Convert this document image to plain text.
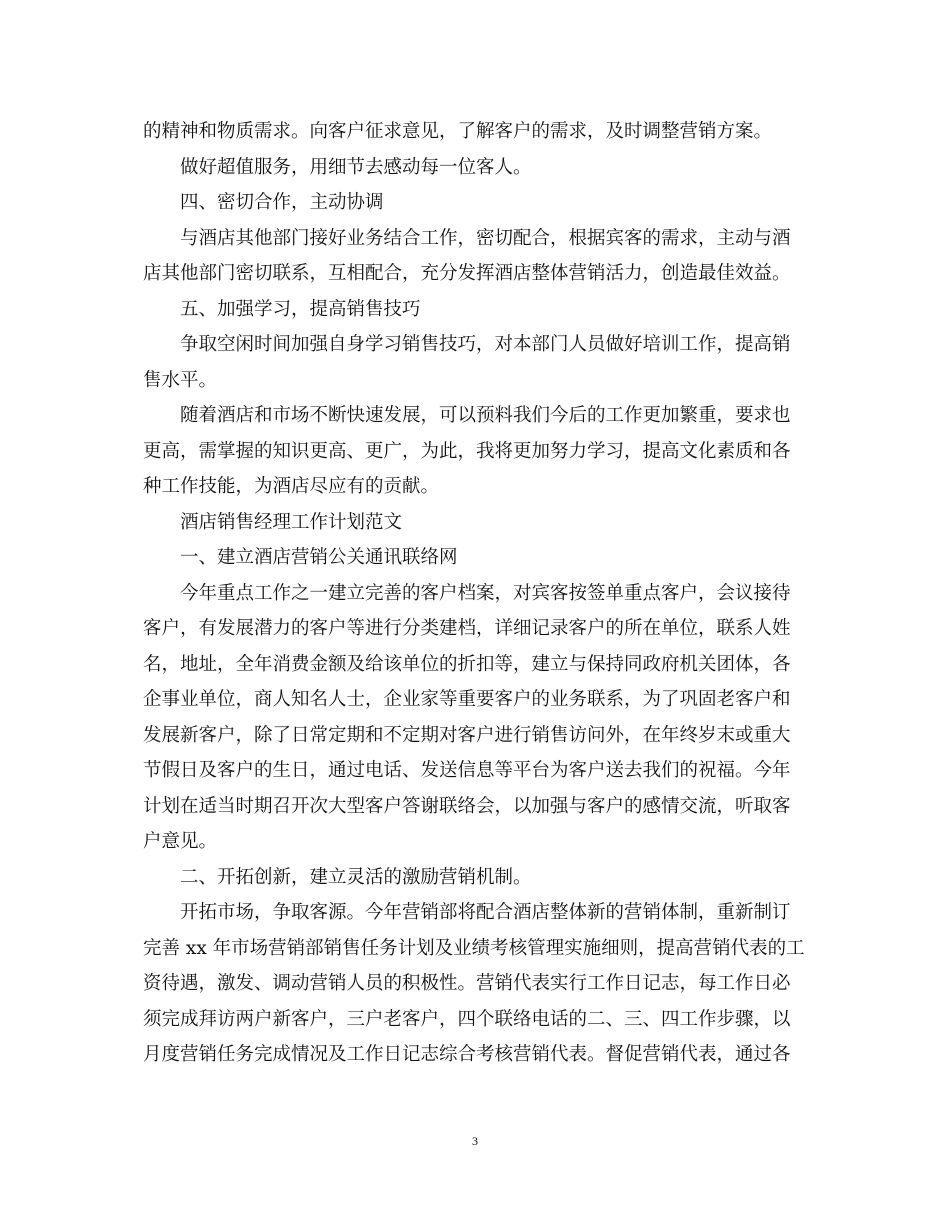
的精神和物质需求。向客户征求意见，了解客户的需求，及时调整营销方案。
做好超值服务，用细节去感动每一位客人。
四、密切合作，主动协调
与酒店其他部门接好业务结合工作，密切配合，根据宾客的需求，主动与酒
店其他部门密切联系，互相配合，充分发挥酒店整体营销活力，创造最佳效益。
五、加强学习，提高销售技巧
争取空闲时间加强自身学习销售技巧，对本部门人员做好培训工作，提高销
售水平。
随着酒店和市场不断快速发展，可以预料我们今后的工作更加繁重，要求也
更高，需掌握的知识更高、更广，为此，我将更加努力学习，提高文化素质和各
种工作技能，为酒店尽应有的贡献。
酒店销售经理工作计划范文
一、建立酒店营销公关通讯联络网
今年重点工作之一建立完善的客户档案，对宾客按签单重点客户，会议接待
客户，有发展潜力的客户等进行分类建档，详细记录客户的所在单位，联系人姓
名，地址，全年消费金额及给该单位的折扣等，建立与保持同政府机关团体，各
企事业单位，商人知名人士，企业家等重要客户的业务联系，为了巩固老客户和
发展新客户，除了日常定期和不定期对客户进行销售访问外，在年终岁末或重大
节假日及客户的生日，通过电话、发送信息等平台为客户送去我们的祝福。今年
计划在适当时期召开次大型客户答谢联络会，以加强与客户的感情交流，听取客
户意见。
二、开拓创新，建立灵活的激励营销机制。
开拓市场，争取客源。今年营销部将配合酒店整体新的营销体制，重新制订
完善 xx 年市场营销部销售任务计划及业绩考核管理实施细则，提高营销代表的工
资待遇，激发、调动营销人员的积极性。营销代表实行工作日记志，每工作日必
须完成拜访两户新客户，三户老客户，四个联络电话的二、三、四工作步骤，以
月度营销任务完成情况及工作日记志综合考核营销代表。督促营销代表，通过各
3
